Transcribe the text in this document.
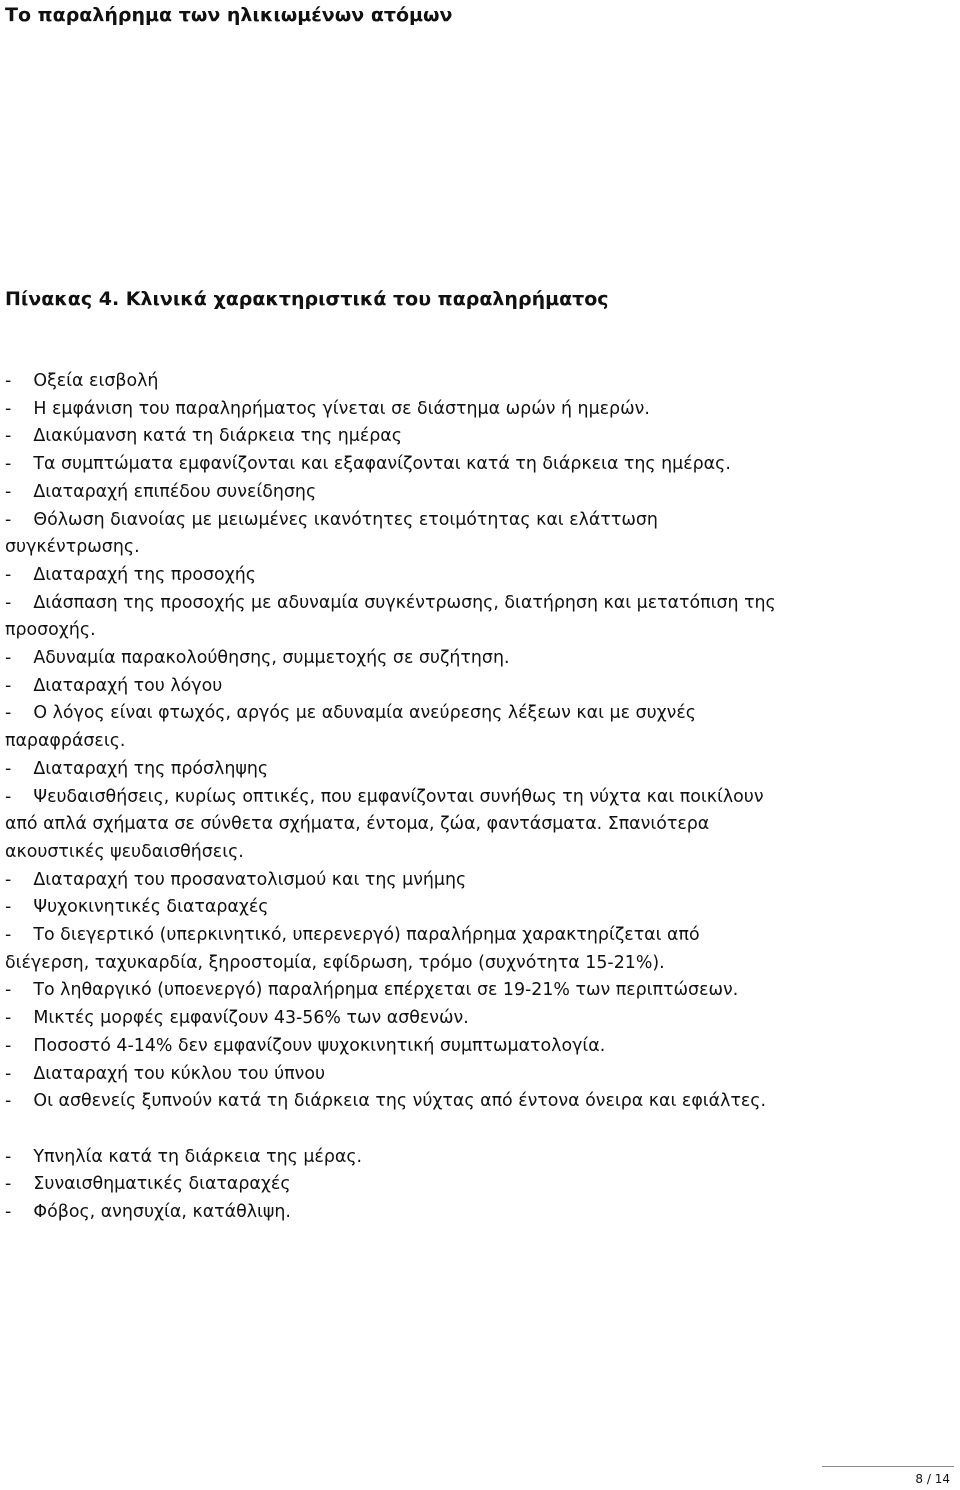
Το παραλήρημα των ηλικιωμένων ατόμων
Πίνακας 4. Κλινικά χαρακτηριστικά του παραληρήματος
-    Οξεία εισβολή
-    Η εμφάνιση του παραληρήματος γίνεται σε διάστημα ωρών ή ημερών.
-    Διακύμανση κατά τη διάρκεια της ημέρας
-    Τα συμπτώματα εμφανίζονται και εξαφανίζονται κατά τη διάρκεια της ημέρας.
-    Διαταραχή επιπέδου συνείδησης
-    Θόλωση διανοίας με μειωμένες ικανότητες ετοιμότητας και ελάττωση
συγκέντρωσης.
-    Διαταραχή της προσοχής
-    Διάσπαση της προσοχής με αδυναμία συγκέντρωσης, διατήρηση και μετατόπιση της
προσοχής.
-    Αδυναμία παρακολούθησης, συμμετοχής σε συζήτηση.
-    Διαταραχή του λόγου
-    Ο λόγος είναι φτωχός, αργός με αδυναμία ανεύρεσης λέξεων και με συχνές
παραφράσεις.
-    Διαταραχή της πρόσληψης
-    Ψευδαισθήσεις, κυρίως οπτικές, που εμφανίζονται συνήθως τη νύχτα και ποικίλουν
από απλά σχήματα σε σύνθετα σχήματα, έντομα, ζώα, φαντάσματα. Σπανιότερα
ακουστικές ψευδαισθήσεις.
-    Διαταραχή του προσανατολισμού και της μνήμης
-    Ψυχοκινητικές διαταραχές
-    Το διεγερτικό (υπερκινητικό, υπερενεργό) παραλήρημα χαρακτηρίζεται από
διέγερση, ταχυκαρδία, ξηροστομία, εφίδρωση, τρόμο (συχνότητα 15-21%).
-    Το ληθαργικό (υποενεργό) παραλήρημα επέρχεται σε 19-21% των περιπτώσεων.
-    Μικτές μορφές εμφανίζουν 43-56% των ασθενών.
-    Ποσοστό 4-14% δεν εμφανίζουν ψυχοκινητική συμπτωματολογία.
-    Διαταραχή του κύκλου του ύπνου
-    Οι ασθενείς ξυπνούν κατά τη διάρκεια της νύχτας από έντονα όνειρα και εφιάλτες.
-    Υπνηλία κατά τη διάρκεια της μέρας.
-    Συναισθηματικές διαταραχές
-    Φόβος, ανησυχία, κατάθλιψη.
8 / 14
